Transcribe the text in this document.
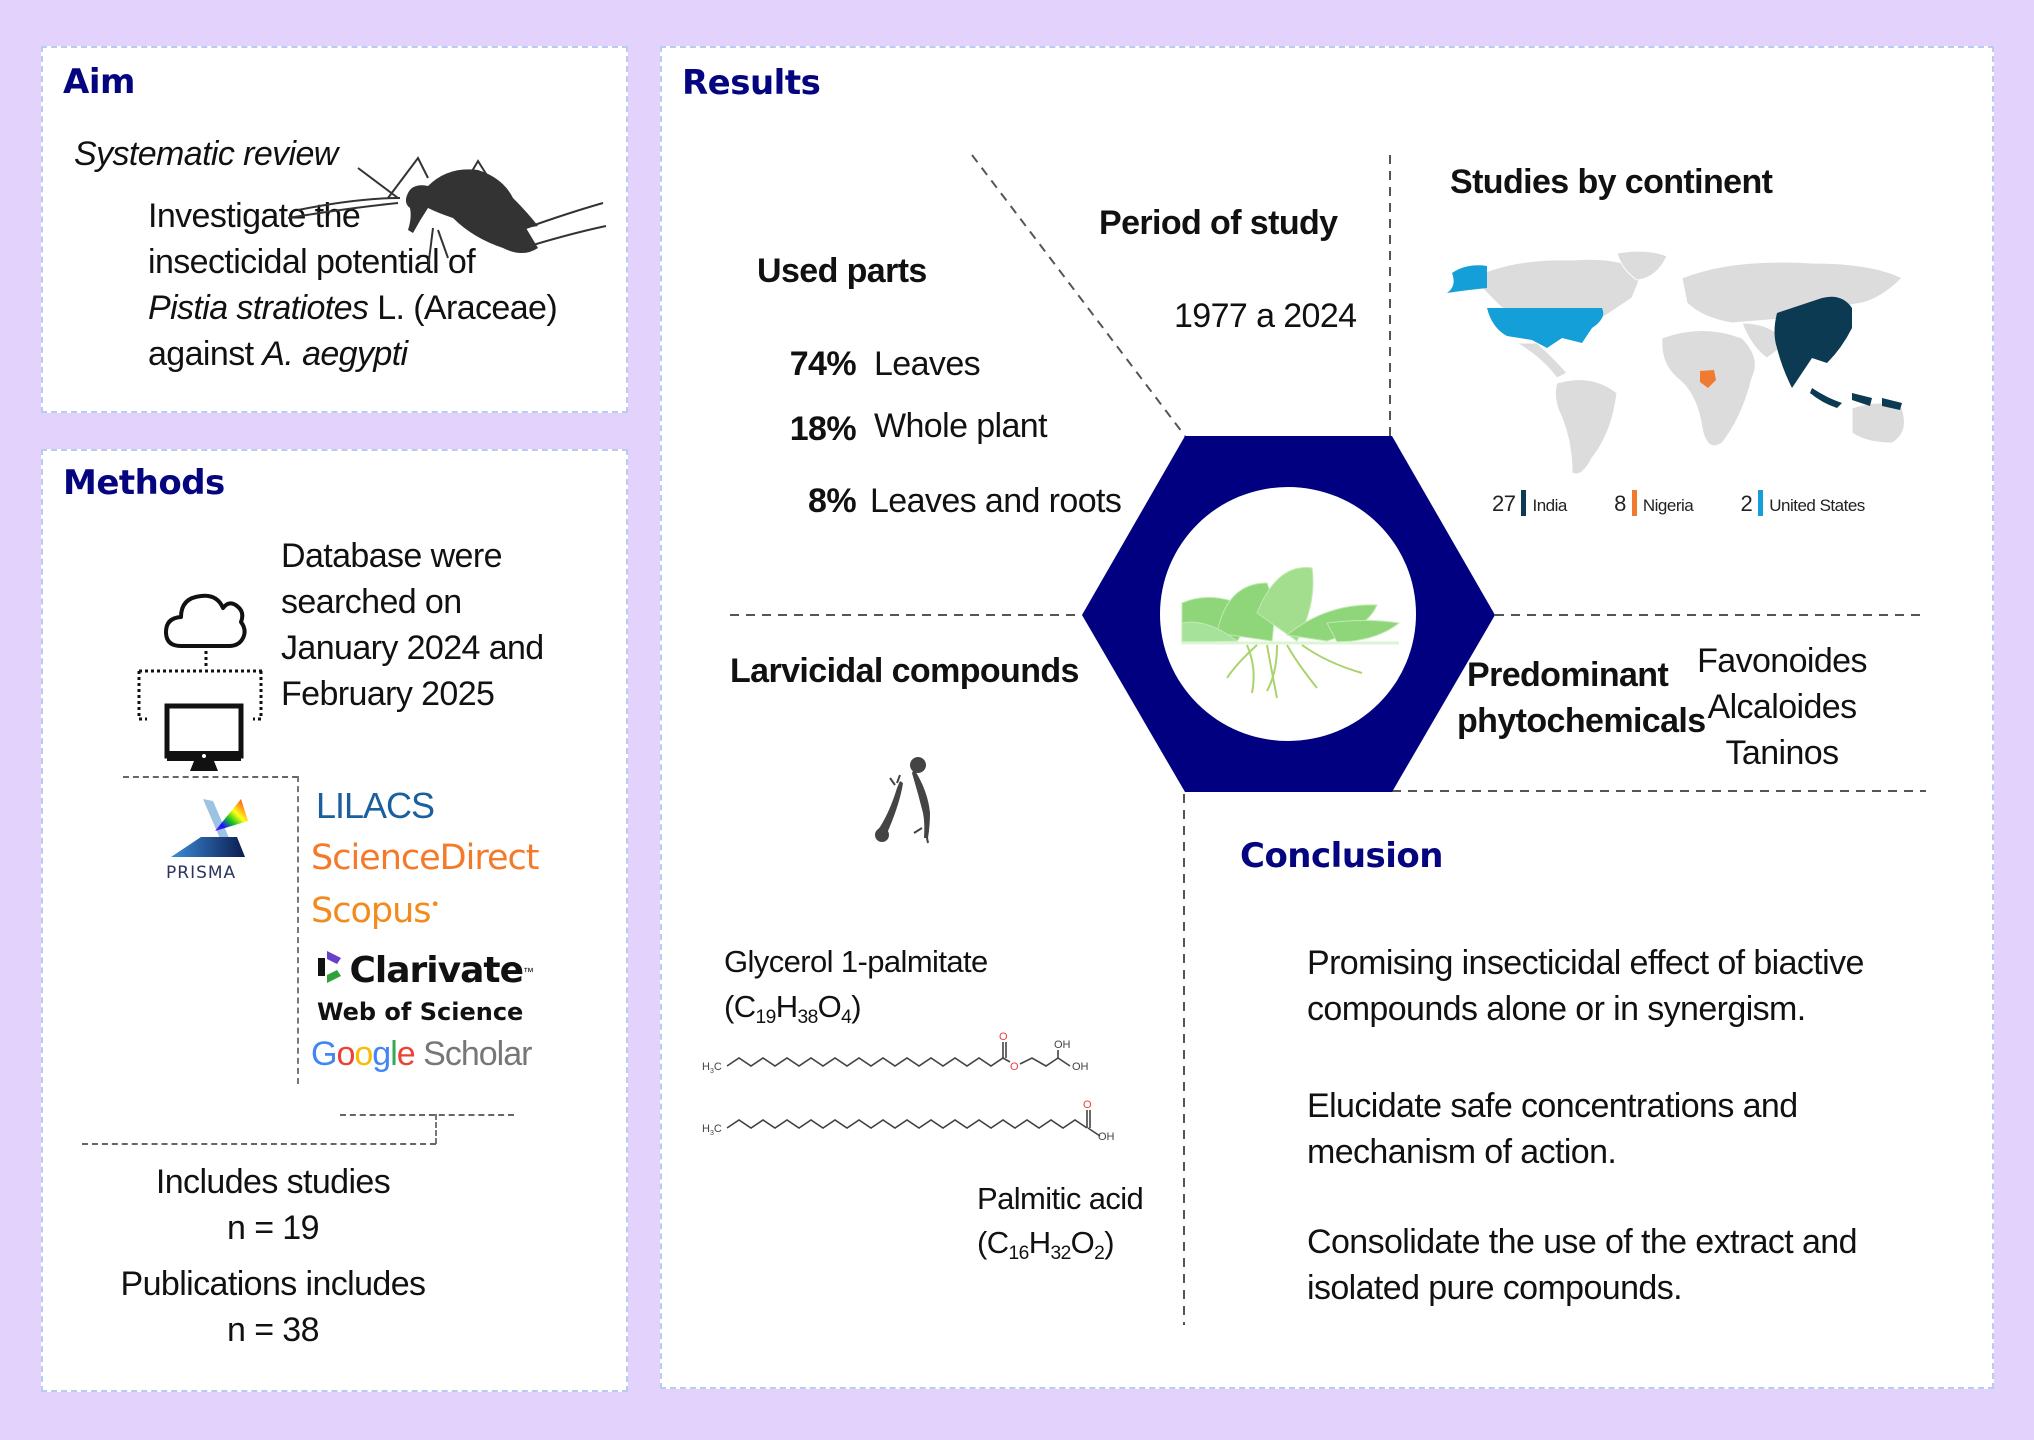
Aim
Systematic review
Investigate the
insecticidal potential of
Pistia stratiotes L. (Araceae)
against A. aegypti
Methods
Database were
searched on
January 2024 and
February 2025
PRISMA
LILACS
ScienceDirect
Scopus•
Clarivate™
Web of Science
Google Scholar
Includes studies
n = 19
Publications includes
n = 38
Results
Used parts
74% Leaves
18% Whole plant
8% Leaves and roots
Period of study
1977 a 2024
Studies by continent
27 India 8 Nigeria 2 United States
Larvicidal compounds
Glycerol 1-palmitate
$(C_{19}H_{38}O_4)$
$H_3C$
O
O
OH
OH
$H_3C$
O
OH
Palmitic acid
$(C_{16}H_{32}O_2)$
Predominant
phytochemicals
Favonoides
Alcaloides
Taninos
Conclusion
Promising insecticidal effect of biactive
compounds alone or in synergism.
Elucidate safe concentrations and
mechanism of action.
Consolidate the use of the extract and
isolated pure compounds.
